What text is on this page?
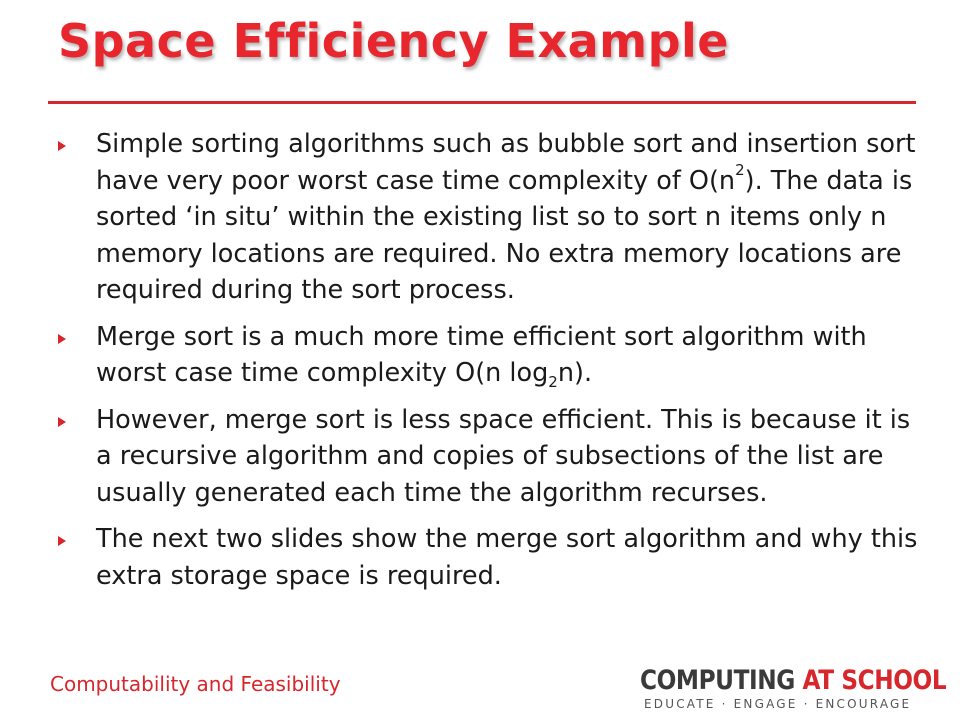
Space Efficiency Example
Simple sorting algorithms such as bubble sort and insertion sort have very poor worst case time complexity of $O(n^2)$. The data is sorted ‘in situ’ within the existing list so to sort n items only n memory locations are required. No extra memory locations are required during the sort process.
Merge sort is a much more time efficient sort algorithm with worst case time complexity O(n $\log_2n$).
However, merge sort is less space efficient. This is because it is a recursive algorithm and copies of subsections of the list are usually generated each time the algorithm recurses.
The next two slides show the merge sort algorithm and why this extra storage space is required.
Computability and Feasibility	COMPUTING AT SCHOOL
EDUCATE · ENGAGE · ENCOURAGE
